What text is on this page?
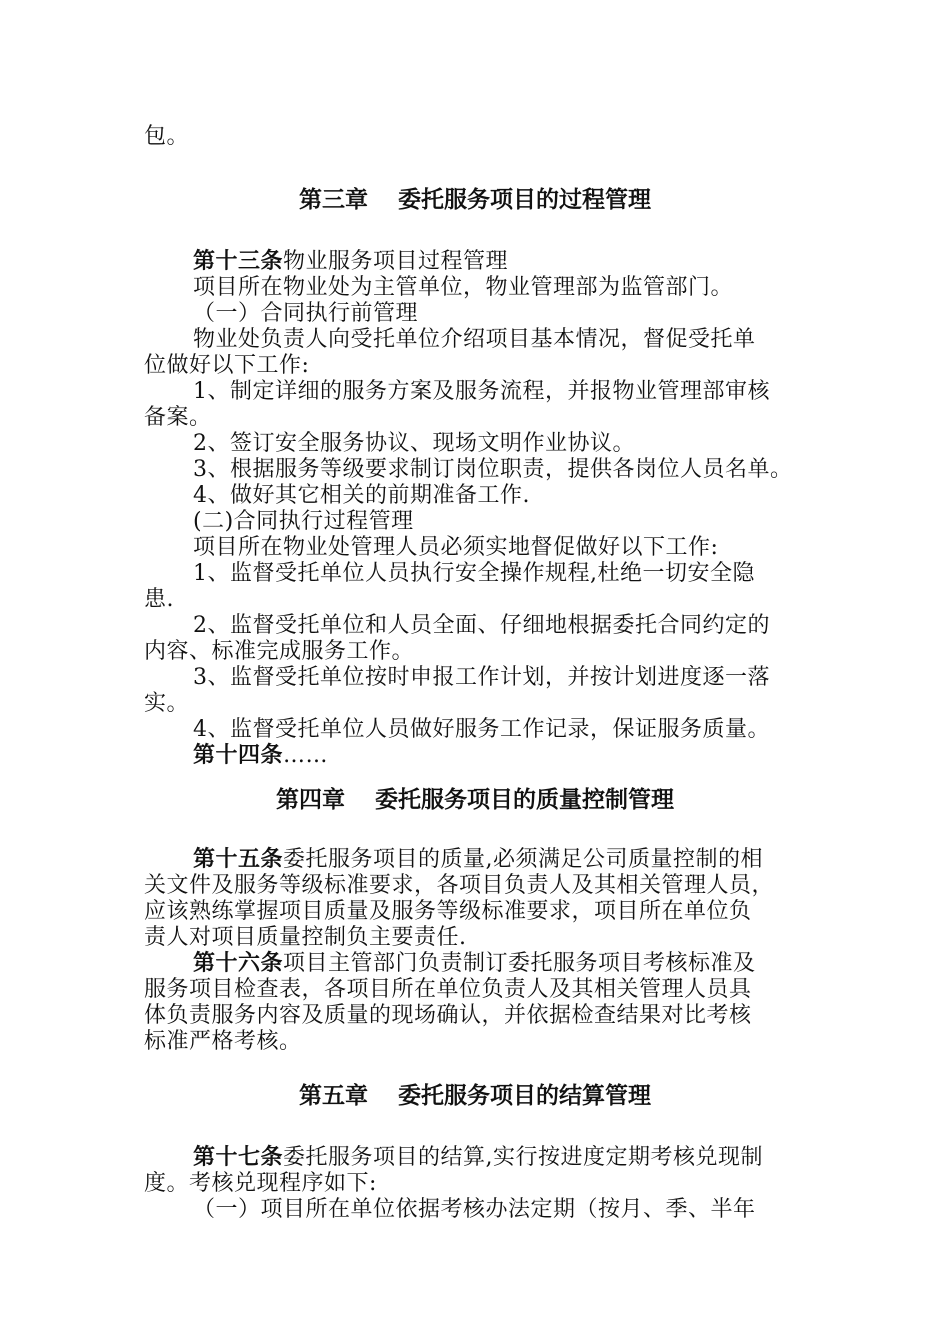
包。
第三章 委托服务项目的过程管理
第十三条物业服务项目过程管理
项目所在物业处为主管单位，物业管理部为监管部门。
（一）合同执行前管理
物业处负责人向受托单位介绍项目基本情况，督促受托单
位做好以下工作:
1、制定详细的服务方案及服务流程，并报物业管理部审核
备案。
2、签订安全服务协议、现场文明作业协议。
3、根据服务等级要求制订岗位职责，提供各岗位人员名单。
4、做好其它相关的前期准备工作.
(二)合同执行过程管理
项目所在物业处管理人员必须实地督促做好以下工作:
1、监督受托单位人员执行安全操作规程,杜绝一切安全隐
患.
2、监督受托单位和人员全面、仔细地根据委托合同约定的
内容、标准完成服务工作。
3、监督受托单位按时申报工作计划，并按计划进度逐一落
实。
4、监督受托单位人员做好服务工作记录，保证服务质量。
第十四条……
第四章 委托服务项目的质量控制管理
第十五条委托服务项目的质量,必须满足公司质量控制的相
关文件及服务等级标准要求，各项目负责人及其相关管理人员，
应该熟练掌握项目质量及服务等级标准要求，项目所在单位负
责人对项目质量控制负主要责任.
第十六条项目主管部门负责制订委托服务项目考核标准及
服务项目检查表，各项目所在单位负责人及其相关管理人员具
体负责服务内容及质量的现场确认，并依据检查结果对比考核
标准严格考核。
第五章 委托服务项目的结算管理
第十七条委托服务项目的结算,实行按进度定期考核兑现制
度。考核兑现程序如下:
（一）项目所在单位依据考核办法定期（按月、季、半年
